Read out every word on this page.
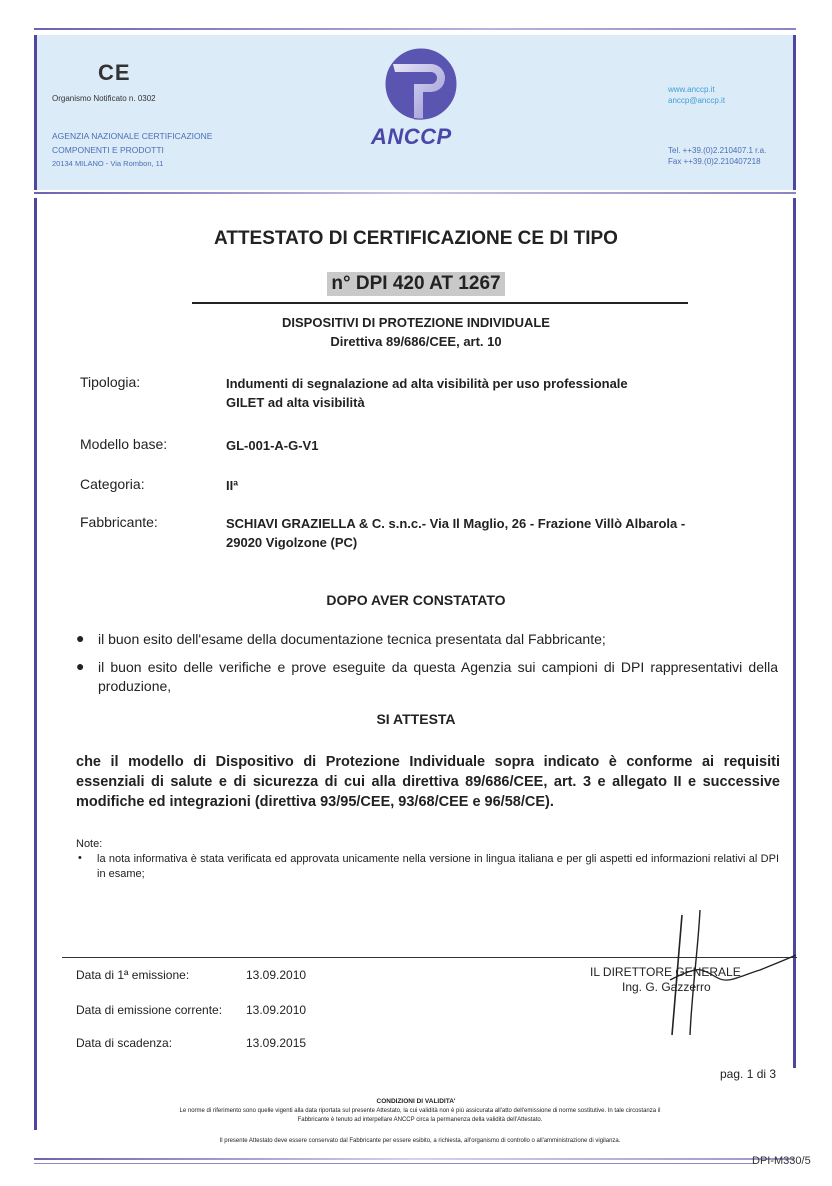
CE
Organismo Notificato n. 0302
AGENZIA NAZIONALE CERTIFICAZIONE
COMPONENTI E PRODOTTI
20134 MILANO - Via Rombon, 11
ANCCP
www.anccp.it
anccp@anccp.it
Tel. ++39.(0)2.210407.1 r.a.
Fax ++39.(0)2.210407218
ATTESTATO DI CERTIFICAZIONE CE DI TIPO
n° DPI 420 AT 1267
DISPOSITIVI DI PROTEZIONE INDIVIDUALE
Direttiva 89/686/CEE, art. 10
Tipologia:	Indumenti di segnalazione ad alta visibilità per uso professionale
GILET ad alta visibilità
Modello base:	GL-001-A-G-V1
Categoria:	IIª
Fabbricante:	SCHIAVI GRAZIELLA & C. s.n.c.- Via Il Maglio, 26 - Frazione Villò Albarola -
29020 Vigolzone (PC)
DOPO AVER CONSTATATO
● il buon esito dell'esame della documentazione tecnica presentata dal Fabbricante;
● il buon esito delle verifiche e prove eseguite da questa Agenzia sui campioni di DPI rappresentativi della produzione,
SI ATTESTA
che il modello di Dispositivo di Protezione Individuale sopra indicato è conforme ai requisiti essenziali di salute e di sicurezza di cui alla direttiva 89/686/CEE, art. 3 e allegato II e successive modifiche ed integrazioni (direttiva 93/95/CEE, 93/68/CEE e 96/58/CE).
Note:
• la nota informativa è stata verificata ed approvata unicamente nella versione in lingua italiana e per gli aspetti ed informazioni relativi al DPI in esame;
Data di 1ª emissione:	13.09.2010
Data di emissione corrente: 13.09.2010
Data di scadenza:	13.09.2015
IL DIRETTORE GENERALE
Ing. G. Gazzerro
pag. 1 di 3
CONDIZIONI DI VALIDITA'
Le norme di riferimento sono quelle vigenti alla data riportata sul presente Attestato, la cui validità non è più assicurata all'atto dell'emissione di norme sostitutive. In tale circostanza il Fabbricante è tenuto ad interpellare ANCCP circa la permanenza della validità dell'Attestato.
Il presente Attestato deve essere conservato dal Fabbricante per essere esibito, a richiesta, all'organismo di controllo o all'amministrazione di vigilanza.
DPI-M330/5
